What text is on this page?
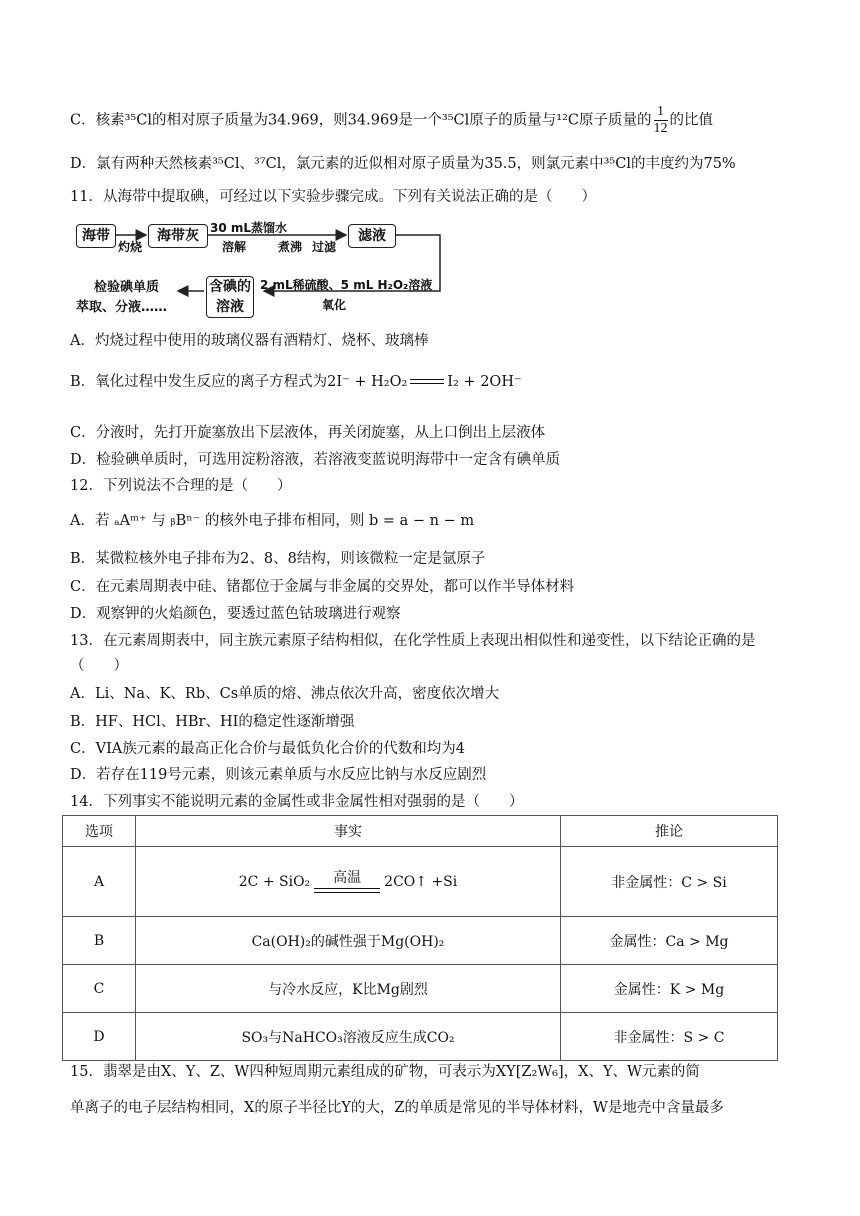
C．核素³⁵Cl的相对原子质量为34.969，则34.969是一个³⁵Cl原子的质量与¹²C原子质量的 $\frac{1}{12}$ 的比值
D．氯有两种天然核素³⁵Cl、³⁷Cl，氯元素的近似相对原子质量为35.5，则氯元素中³⁵Cl的丰度约为75%
11．从海带中提取碘，可经过以下实验步骤完成。下列有关说法正确的是（　　）
海带	海带灰	滤液
含碘的溶液
灼烧
30 mL蒸馏水
溶解	煮沸 过滤
2 mL稀硫酸、5 mL H₂O₂溶液
氧化
检验碘单质
萃取、分液……
A．灼烧过程中使用的玻璃仪器有酒精灯、烧杯、玻璃棒
B．氧化过程中发生反应的离子方程式为2I⁻ + H₂O₂	I₂ + 2OH⁻
C．分液时，先打开旋塞放出下层液体，再关闭旋塞，从上口倒出上层液体
D．检验碘单质时，可选用淀粉溶液，若溶液变蓝说明海带中一定含有碘单质
12．下列说法不合理的是（　　）
A．若 ₐAᵐ⁺ 与 ᵦBⁿ⁻ 的核外电子排布相同，则 b = a − n − m
B．某微粒核外电子排布为2、8、8结构，则该微粒一定是氩原子
C．在元素周期表中硅、锗都位于金属与非金属的交界处，都可以作半导体材料
D．观察钾的火焰颜色，要透过蓝色钴玻璃进行观察
13．在元素周期表中，同主族元素原子结构相似，在化学性质上表现出相似性和递变性，以下结论正确的是
（　　）
A．Li、Na、K、Rb、Cs单质的熔、沸点依次升高，密度依次增大
B．HF、HCl、HBr、HI的稳定性逐渐增强
C．VIA族元素的最高正化合价与最低负化合价的代数和均为4
D．若存在119号元素，则该元素单质与水反应比钠与水反应剧烈
14．下列事实不能说明元素的金属性或非金属性相对强弱的是（　　）
选项	事实	推论
A	2C + SiO₂ 高温 2CO↑ +Si	非金属性：C > Si
B	Ca(OH)₂的碱性强于Mg(OH)₂	金属性：Ca > Mg
C	与冷水反应，K比Mg剧烈	金属性：K > Mg
D	SO₃与NaHCO₃溶液反应生成CO₂	非金属性：S > C
15．翡翠是由X、Y、Z、W四种短周期元素组成的矿物，可表示为XY[Z₂W₆]，X、Y、W元素的简
单离子的电子层结构相同，X的原子半径比Y的大，Z的单质是常见的半导体材料，W是地壳中含量最多
